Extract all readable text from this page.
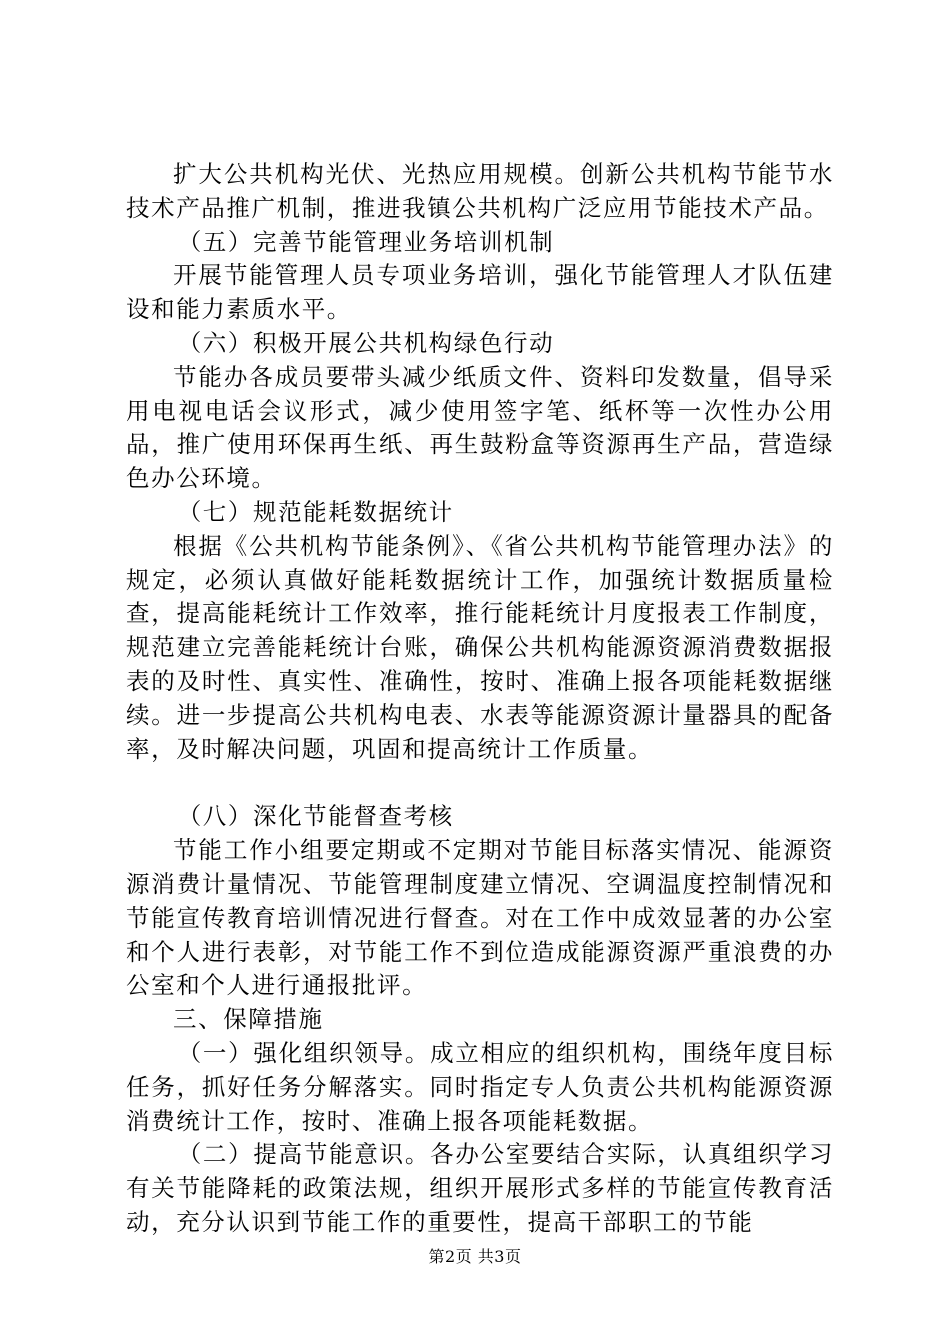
扩大公共机构光伏、光热应用规模。创新公共机构节能节水技术产品推广机制，推进我镇公共机构广泛应用节能技术产品。

（五）完善节能管理业务培训机制

开展节能管理人员专项业务培训，强化节能管理人才队伍建设和能力素质水平。

（六）积极开展公共机构绿色行动

节能办各成员要带头减少纸质文件、资料印发数量，倡导采用电视电话会议形式，减少使用签字笔、纸杯等一次性办公用品，推广使用环保再生纸、再生鼓粉盒等资源再生产品，营造绿色办公环境。

（七）规范能耗数据统计

根据《公共机构节能条例》、《省公共机构节能管理办法》的规定，必须认真做好能耗数据统计工作，加强统计数据质量检查，提高能耗统计工作效率，推行能耗统计月度报表工作制度，规范建立完善能耗统计台账，确保公共机构能源资源消费数据报表的及时性、真实性、准确性，按时、准确上报各项能耗数据继续。进一步提高公共机构电表、水表等能源资源计量器具的配备率，及时解决问题，巩固和提高统计工作质量。

（八）深化节能督查考核

节能工作小组要定期或不定期对节能目标落实情况、能源资源消费计量情况、节能管理制度建立情况、空调温度控制情况和节能宣传教育培训情况进行督查。对在工作中成效显著的办公室和个人进行表彰，对节能工作不到位造成能源资源严重浪费的办公室和个人进行通报批评。

三、保障措施

（一）强化组织领导。成立相应的组织机构，围绕年度目标任务，抓好任务分解落实。同时指定专人负责公共机构能源资源消费统计工作，按时、准确上报各项能耗数据。

（二）提高节能意识。各办公室要结合实际，认真组织学习有关节能降耗的政策法规，组织开展形式多样的节能宣传教育活动，充分认识到节能工作的重要性，提高干部职工的节能

第2页 共3页
